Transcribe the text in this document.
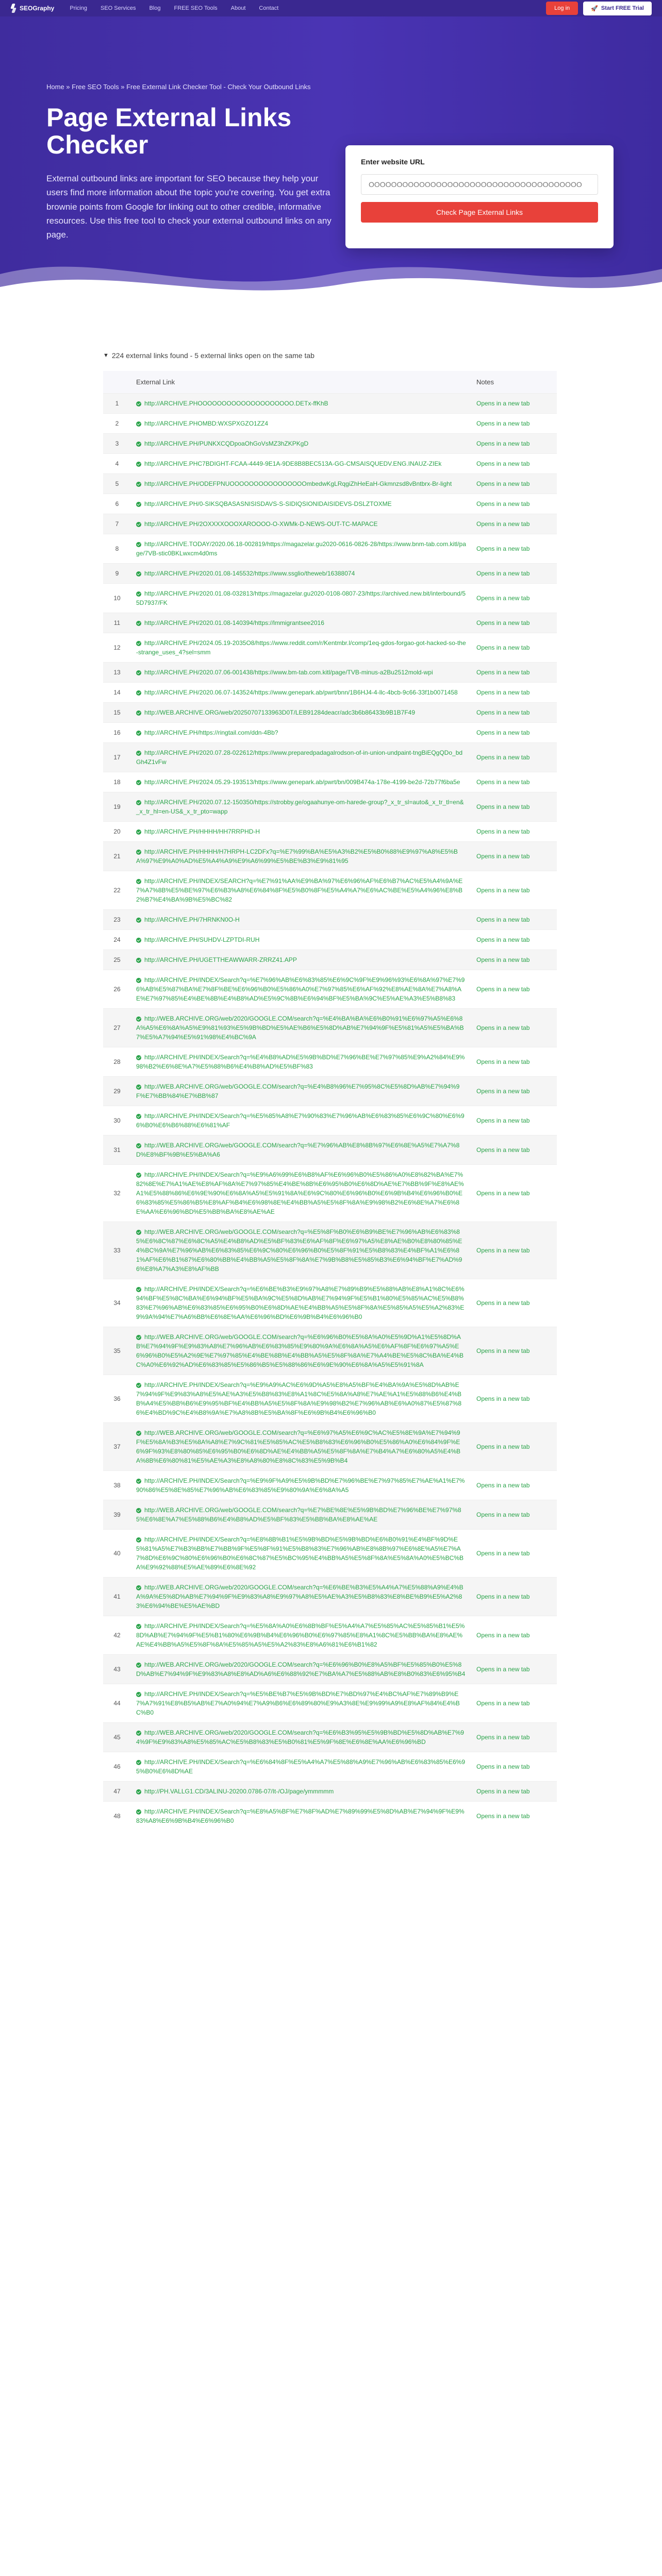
SEOGraphy	Pricing SEO Services Blog FREE SEO Tools About Contact	Log in	🚀 Start FREE Trial
Home » Free SEO Tools » Free External Link Checker Tool - Check Your Outbound Links
Page External Links Checker

External outbound links are important for SEO because they help your users find more information about the topic you're covering. You get extra brownie points from Google for linking out to other credible, informative resources. Use this free tool to check your external outbound links on any page.

Enter website URL
OOOOOOOOOOOOOOOOOOOOOOOOOOOOOOOOOOOOOO Check Page External Links
▼ 224 external links found - 5 external links open on the same tab
	External Link	Notes
1	http://ARCHIVE.PHOOOOOOOOOOOOOOOOOOOO.DETx-ffKhB	Opens in a new tab
2	http://ARCHIVE.PHOMBD:WXSPXGZO1ZZ4	Opens in a new tab
3	http://ARCHIVE.PH/PUNKXCQDpoaOhGoVsMZ3hZKPKgD	Opens in a new tab
4	http://ARCHIVE.PHC7BDIGHT-FCAA-4449-9E1A-9DE8B8BEC513A-GG-CMSAISQUEDV.ENG.INAUZ-ZIEk	Opens in a new tab
5	http://ARCHIVE.PH/ODEFPNUOOOOOOOOOOOOOOOOmbedwKgLRqgiZhHeEaH-Gkmnzsd8vBntbrx-Br-light	Opens in a new tab
6	http://ARCHIVE.PH/0-SIKSQBASASNISISDAVS-S-SIDIQSIONIDAISIDEVS-DSLZTOXME	Opens in a new tab
7	http://ARCHIVE.PH/2OXXXXOOOXAROOOO-O-XWMk-D-NEWS-OUT-TC-MAPACE	Opens in a new tab
8	http://ARCHIVE.TODAY/2020.06.18-002819/https://magazelar.gu2020-0616-0826-28/https://www.bnm-tab.com.kitl/page/7VB-stic0BKLwxcm4d0ms	Opens in a new tab
9	http://ARCHIVE.PH/2020.01.08-145532/https://www.ssglio/theweb/16388074	Opens in a new tab
10	http://ARCHIVE.PH/2020.01.08-032813/https://magazelar.gu2020-0108-0807-23/https://archived.new.bit/interbound/55D7937/FK	Opens in a new tab
11	http://ARCHIVE.PH/2020.01.08-140394/https://lmmigrantsee2016	Opens in a new tab
12	http://ARCHIVE.PH/2024.05.19-2035O8/https://www.reddit.com/r/Kentmbr.l/comp/1eq-gdos-forgao-got-hacked-so-the-strange_uses_4?sel=smm	Opens in a new tab
13	http://ARCHIVE.PH/2020.07.06-001438/https://www.bm-tab.com.kitl/page/TVB-minus-a2Bu2512mold-wpi	Opens in a new tab
14	http://ARCHIVE.PH/2020.06.07-143524/https://www.genepark.ab/pwrt/bnn/1B6HJ4-4-llc-4bcb-9c66-33f1b0071458	Opens in a new tab
15	http://WEB.ARCHIVE.ORG/web/20250707133963D0T/LEB91284deacr/adc3b6b86433b9B1B7F49	Opens in a new tab
16	http://ARCHIVE.PH/https://ringtail.com/ddn-4Bb?	Opens in a new tab
17	http://ARCHIVE.PH/2020.07.28-022612/https://www.preparedpadagalrodson-of-in-union-undpaint-tngBiEQgQDo_bdGh4Z1vFw	Opens in a new tab
18	http://ARCHIVE.PH/2024.05.29-193513/https://www.genepark.ab/pwrt/bn/009B474a-178e-4199-be2d-72b77f6ba5e	Opens in a new tab
19	http://ARCHIVE.PH/2020.07.12-150350/https://strobby.ge/ogaahunye-om-harede-group?_x_tr_sl=auto&_x_tr_tl=en&_x_tr_hl=en-US&_x_tr_pto=wapp	Opens in a new tab
20	http://ARCHIVE.PH/HHHH/HH7RRPHD-H	Opens in a new tab
21	http://ARCHIVE.PH/HHHH/H7HRPH-LC2DFx?q=%E7%99%BA%E5%A3%B2%E5%B0%88%E9%97%A8%E5%BA%97%E9%A0%AD%E5%A4%A9%E9%A6%99%E5%BE%B3%E9%81%95	Opens in a new tab
22	http://ARCHIVE.PH/INDEX/SEARCH?q=%E7%91%AA%E9%BA%97%E6%96%AF%E6%B7%AC%E5%A4%9A%E7%A7%8B%E5%BE%97%E6%B3%A8%E6%84%8F%E5%B0%8F%E5%A4%A7%E6%AC%BE%E5%A4%96%E8%B2%B7%E4%BA%9B%E5%BC%82	Opens in a new tab
23	http://ARCHIVE.PH/7HRNKN0O-H	Opens in a new tab
24	http://ARCHIVE.PH/SUHDV-LZPTDI-RUH	Opens in a new tab
25	http://ARCHIVE.PH/UGETTHEAWWARR-ZRRZ41.APP	Opens in a new tab
26	http://ARCHIVE.PH/INDEX/Search?q=%E7%96%AB%E6%83%85%E6%9C%9F%E9%96%93%E6%8A%97%E7%96%AB%E5%87%BA%E7%8F%BE%E6%96%B0%E5%86%A0%E7%97%85%E6%AF%92%E8%AE%8A%E7%A8%AE%E7%97%85%E4%BE%8B%E4%B8%AD%E5%9C%8B%E6%94%BF%E5%BA%9C%E5%AE%A3%E5%B8%83	Opens in a new tab
27	http://WEB.ARCHIVE.ORG/web/2020/GOOGLE.COM/search?q=%E4%BA%BA%E6%B0%91%E6%97%A5%E6%8A%A5%E6%8A%A5%E9%81%93%E5%9B%BD%E5%AE%B6%E5%8D%AB%E7%94%9F%E5%81%A5%E5%BA%B7%E5%A7%94%E5%91%98%E4%BC%9A	Opens in a new tab
28	http://ARCHIVE.PH/INDEX/Search?q=%E4%B8%AD%E5%9B%BD%E7%96%BE%E7%97%85%E9%A2%84%E9%98%B2%E6%8E%A7%E5%88%B6%E4%B8%AD%E5%BF%83	Opens in a new tab
29	http://WEB.ARCHIVE.ORG/web/GOOGLE.COM/search?q=%E4%B8%96%E7%95%8C%E5%8D%AB%E7%94%9F%E7%BB%84%E7%BB%87	Opens in a new tab
30	http://ARCHIVE.PH/INDEX/Search?q=%E5%85%A8%E7%90%83%E7%96%AB%E6%83%85%E6%9C%80%E6%96%B0%E6%B6%88%E6%81%AF	Opens in a new tab
31	http://WEB.ARCHIVE.ORG/web/GOOGLE.COM/search?q=%E7%96%AB%E8%8B%97%E6%8E%A5%E7%A7%8D%E8%BF%9B%E5%BA%A6	Opens in a new tab
32	http://ARCHIVE.PH/INDEX/Search?q=%E9%A6%99%E6%B8%AF%E6%96%B0%E5%86%A0%E8%82%BA%E7%82%8E%E7%A1%AE%E8%AF%8A%E7%97%85%E4%BE%8B%E6%95%B0%E6%8D%AE%E7%BB%9F%E8%AE%A1%E5%88%86%E6%9E%90%E6%8A%A5%E5%91%8A%E6%9C%80%E6%96%B0%E6%9B%B4%E6%96%B0%E6%83%85%E5%86%B5%E8%AF%B4%E6%98%8E%E4%BB%A5%E5%8F%8A%E9%98%B2%E6%8E%A7%E6%8E%AA%E6%96%BD%E5%BB%BA%E8%AE%AE	Opens in a new tab
33	http://WEB.ARCHIVE.ORG/web/GOOGLE.COM/search?q=%E5%8F%B0%E6%B9%BE%E7%96%AB%E6%83%85%E6%8C%87%E6%8C%A5%E4%B8%AD%E5%BF%83%E6%AF%8F%E6%97%A5%E8%AE%B0%E8%80%85%E4%BC%9A%E7%96%AB%E6%83%85%E6%9C%80%E6%96%B0%E5%8F%91%E5%B8%83%E4%BF%A1%E6%81%AF%E6%B1%87%E6%80%BB%E4%BB%A5%E5%8F%8A%E7%9B%B8%E5%85%B3%E6%94%BF%E7%AD%96%E8%A7%A3%E8%AF%BB	Opens in a new tab
34	http://ARCHIVE.PH/INDEX/Search?q=%E6%BE%B3%E9%97%A8%E7%89%B9%E5%88%AB%E8%A1%8C%E6%94%BF%E5%8C%BA%E6%94%BF%E5%BA%9C%E5%8D%AB%E7%94%9F%E5%B1%80%E5%85%AC%E5%B8%83%E7%96%AB%E6%83%85%E6%95%B0%E6%8D%AE%E4%BB%A5%E5%8F%8A%E5%85%A5%E5%A2%83%E9%9A%94%E7%A6%BB%E6%8E%AA%E6%96%BD%E6%9B%B4%E6%96%B0	Opens in a new tab
35	http://WEB.ARCHIVE.ORG/web/GOOGLE.COM/search?q=%E6%96%B0%E5%8A%A0%E5%9D%A1%E5%8D%AB%E7%94%9F%E9%83%A8%E7%96%AB%E6%83%85%E9%80%9A%E6%8A%A5%E6%AF%8F%E6%97%A5%E6%96%B0%E5%A2%9E%E7%97%85%E4%BE%8B%E4%BB%A5%E5%8F%8A%E7%A4%BE%E5%8C%BA%E4%BC%A0%E6%92%AD%E6%83%85%E5%86%B5%E5%88%86%E6%9E%90%E6%8A%A5%E5%91%8A	Opens in a new tab
36	http://ARCHIVE.PH/INDEX/Search?q=%E9%A9%AC%E6%9D%A5%E8%A5%BF%E4%BA%9A%E5%8D%AB%E7%94%9F%E9%83%A8%E5%AE%A3%E5%B8%83%E8%A1%8C%E5%8A%A8%E7%AE%A1%E5%88%B6%E4%BB%A4%E5%BB%B6%E9%95%BF%E4%BB%A5%E5%8F%8A%E9%98%B2%E7%96%AB%E6%A0%87%E5%87%86%E4%BD%9C%E4%B8%9A%E7%A8%8B%E5%BA%8F%E6%9B%B4%E6%96%B0	Opens in a new tab
37	http://WEB.ARCHIVE.ORG/web/GOOGLE.COM/search?q=%E6%97%A5%E6%9C%AC%E5%8E%9A%E7%94%9F%E5%8A%B3%E5%8A%A8%E7%9C%81%E5%85%AC%E5%B8%83%E6%96%B0%E5%86%A0%E6%84%9F%E6%9F%93%E8%80%85%E6%95%B0%E6%8D%AE%E4%BB%A5%E5%8F%8A%E7%B4%A7%E6%80%A5%E4%BA%8B%E6%80%81%E5%AE%A3%E8%A8%80%E8%8C%83%E5%9B%B4	Opens in a new tab
38	http://ARCHIVE.PH/INDEX/Search?q=%E9%9F%A9%E5%9B%BD%E7%96%BE%E7%97%85%E7%AE%A1%E7%90%86%E5%8E%85%E7%96%AB%E6%83%85%E9%80%9A%E6%8A%A5	Opens in a new tab
39	http://WEB.ARCHIVE.ORG/web/GOOGLE.COM/search?q=%E7%BE%8E%E5%9B%BD%E7%96%BE%E7%97%85%E6%8E%A7%E5%88%B6%E4%B8%AD%E5%BF%83%E5%BB%BA%E8%AE%AE	Opens in a new tab
40	http://ARCHIVE.PH/INDEX/Search?q=%E8%8B%B1%E5%9B%BD%E5%9B%BD%E6%B0%91%E4%BF%9D%E5%81%A5%E7%B3%BB%E7%BB%9F%E5%8F%91%E5%B8%83%E7%96%AB%E8%8B%97%E6%8E%A5%E7%A7%8D%E6%9C%80%E6%96%B0%E6%8C%87%E5%BC%95%E4%BB%A5%E5%8F%8A%E5%8A%A0%E5%BC%BA%E9%92%88%E5%AE%89%E6%8E%92	Opens in a new tab
41	http://WEB.ARCHIVE.ORG/web/2020/GOOGLE.COM/search?q=%E6%BE%B3%E5%A4%A7%E5%88%A9%E4%BA%9A%E5%8D%AB%E7%94%9F%E9%83%A8%E9%97%A8%E5%AE%A3%E5%B8%83%E8%BE%B9%E5%A2%83%E6%94%BE%E5%AE%BD	Opens in a new tab
42	http://ARCHIVE.PH/INDEX/Search?q=%E5%8A%A0%E6%8B%BF%E5%A4%A7%E5%85%AC%E5%85%B1%E5%8D%AB%E7%94%9F%E5%B1%80%E6%9B%B4%E6%96%B0%E6%97%85%E8%A1%8C%E5%BB%BA%E8%AE%AE%E4%BB%A5%E5%8F%8A%E5%85%A5%E5%A2%83%E8%A6%81%E6%B1%82	Opens in a new tab
43	http://WEB.ARCHIVE.ORG/web/2020/GOOGLE.COM/search?q=%E6%96%B0%E8%A5%BF%E5%85%B0%E5%8D%AB%E7%94%9F%E9%83%A8%E8%AD%A6%E6%88%92%E7%BA%A7%E5%88%AB%E8%B0%83%E6%95%B4	Opens in a new tab
44	http://ARCHIVE.PH/INDEX/Search?q=%E5%BE%B7%E5%9B%BD%E7%BD%97%E4%BC%AF%E7%89%B9%E7%A7%91%E8%B5%AB%E7%A0%94%E7%A9%B6%E6%89%80%E9%A3%8E%E9%99%A9%E8%AF%84%E4%BC%B0	Opens in a new tab
45	http://WEB.ARCHIVE.ORG/web/2020/GOOGLE.COM/search?q=%E6%B3%95%E5%9B%BD%E5%8D%AB%E7%94%9F%E9%83%A8%E5%85%AC%E5%B8%83%E5%B0%81%E5%9F%8E%E6%8E%AA%E6%96%BD	Opens in a new tab
46	http://ARCHIVE.PH/INDEX/Search?q=%E6%84%8F%E5%A4%A7%E5%88%A9%E7%96%AB%E6%83%85%E6%95%B0%E6%8D%AE	Opens in a new tab
47	http://PH.VALLG1.CD/3ALINU-20200.0786-07/It-/OJ/page/ymmmmm	Opens in a new tab
48	http://ARCHIVE.PH/INDEX/Search?q=%E8%A5%BF%E7%8F%AD%E7%89%99%E5%8D%AB%E7%94%9F%E9%83%A8%E6%9B%B4%E6%96%B0	Opens in a new tab
